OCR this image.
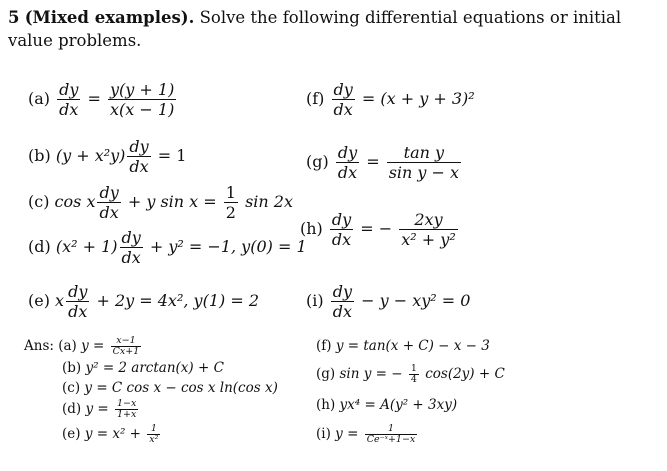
5 (Mixed examples). Solve the following differential equations or initial value problems.
$(a) \frac{dy}{dx} = \frac{y(y + 1)}{x(x - 1)}$
(b) $(y + x^2y) \frac{dy}{dx} = 1$
(c) cos x $\frac{dy}{dx} + y$ $\sin x = \frac{1}{2}$ sin 2x
(d) $(x^2 + 1) \frac{dy}{dx} + y^2 = -1$, y(0) = 1
(e) x $\frac{dy}{dx} + 2y = 4x^2$, y(1) = 2
$(f) \frac{dy}{dx} = (x + y + 3)^2$
$(g) \frac{dy}{dx} = \frac{\text{tan y}}{\text{sin y − x}}$
$(h) \frac{dy}{dx}$ = − $\frac{2xy}{\text{x² + y²}}$
$(i) \frac{dy}{dx} - y - xy^2 = 0$
Ans: (a) $y = \frac{x-1}{Cx+1}$
(b) y² = 2 arctan(x) + C
(c) y = C cos x − cos x ln(cos x)
(d) $y = \frac{1-x}{1+x}$
(e) $y = x^2 + \frac{1}{\text{x²}}$
(f) y = tan(x + C) − x − 3
(g) sin y = − $\frac{1}{4} \cos(2y) + C$
(h) yx⁴ = A(y² + 3xy)
(i) $y = \frac{1}{\text{Ce⁻ˣ+1−x}}$
